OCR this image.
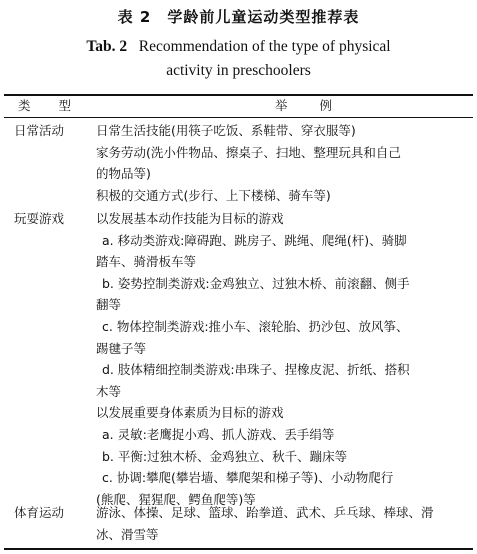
表 2 学龄前儿童运动类型推荐表
Tab. 2 Recommendation of the type of physical
activity in preschoolers
类 型	举 例
日常活动	日常生活技能(用筷子吃饭、系鞋带、穿衣服等)
家务劳动(洗小件物品、擦桌子、扫地、整理玩具和自己
的物品等)
积极的交通方式(步行、上下楼梯、骑车等)
玩耍游戏	以发展基本动作技能为目标的游戏
a. 移动类游戏:障碍跑、跳房子、跳绳、爬绳(杆)、骑脚
踏车、骑滑板车等
b. 姿势控制类游戏:金鸡独立、过独木桥、前滚翻、侧手
翻等
c. 物体控制类游戏:推小车、滚轮胎、扔沙包、放风筝、
踢毽子等
d. 肢体精细控制类游戏:串珠子、捏橡皮泥、折纸、搭积
木等
以发展重要身体素质为目标的游戏
a. 灵敏:老鹰捉小鸡、抓人游戏、丢手绢等
b. 平衡:过独木桥、金鸡独立、秋千、蹦床等
c. 协调:攀爬(攀岩墙、攀爬架和梯子等)、小动物爬行
(熊爬、猩猩爬、鳄鱼爬等)等
体育运动	游泳、体操、足球、篮球、跆拳道、武术、乒乓球、棒球、滑
冰、滑雪等
